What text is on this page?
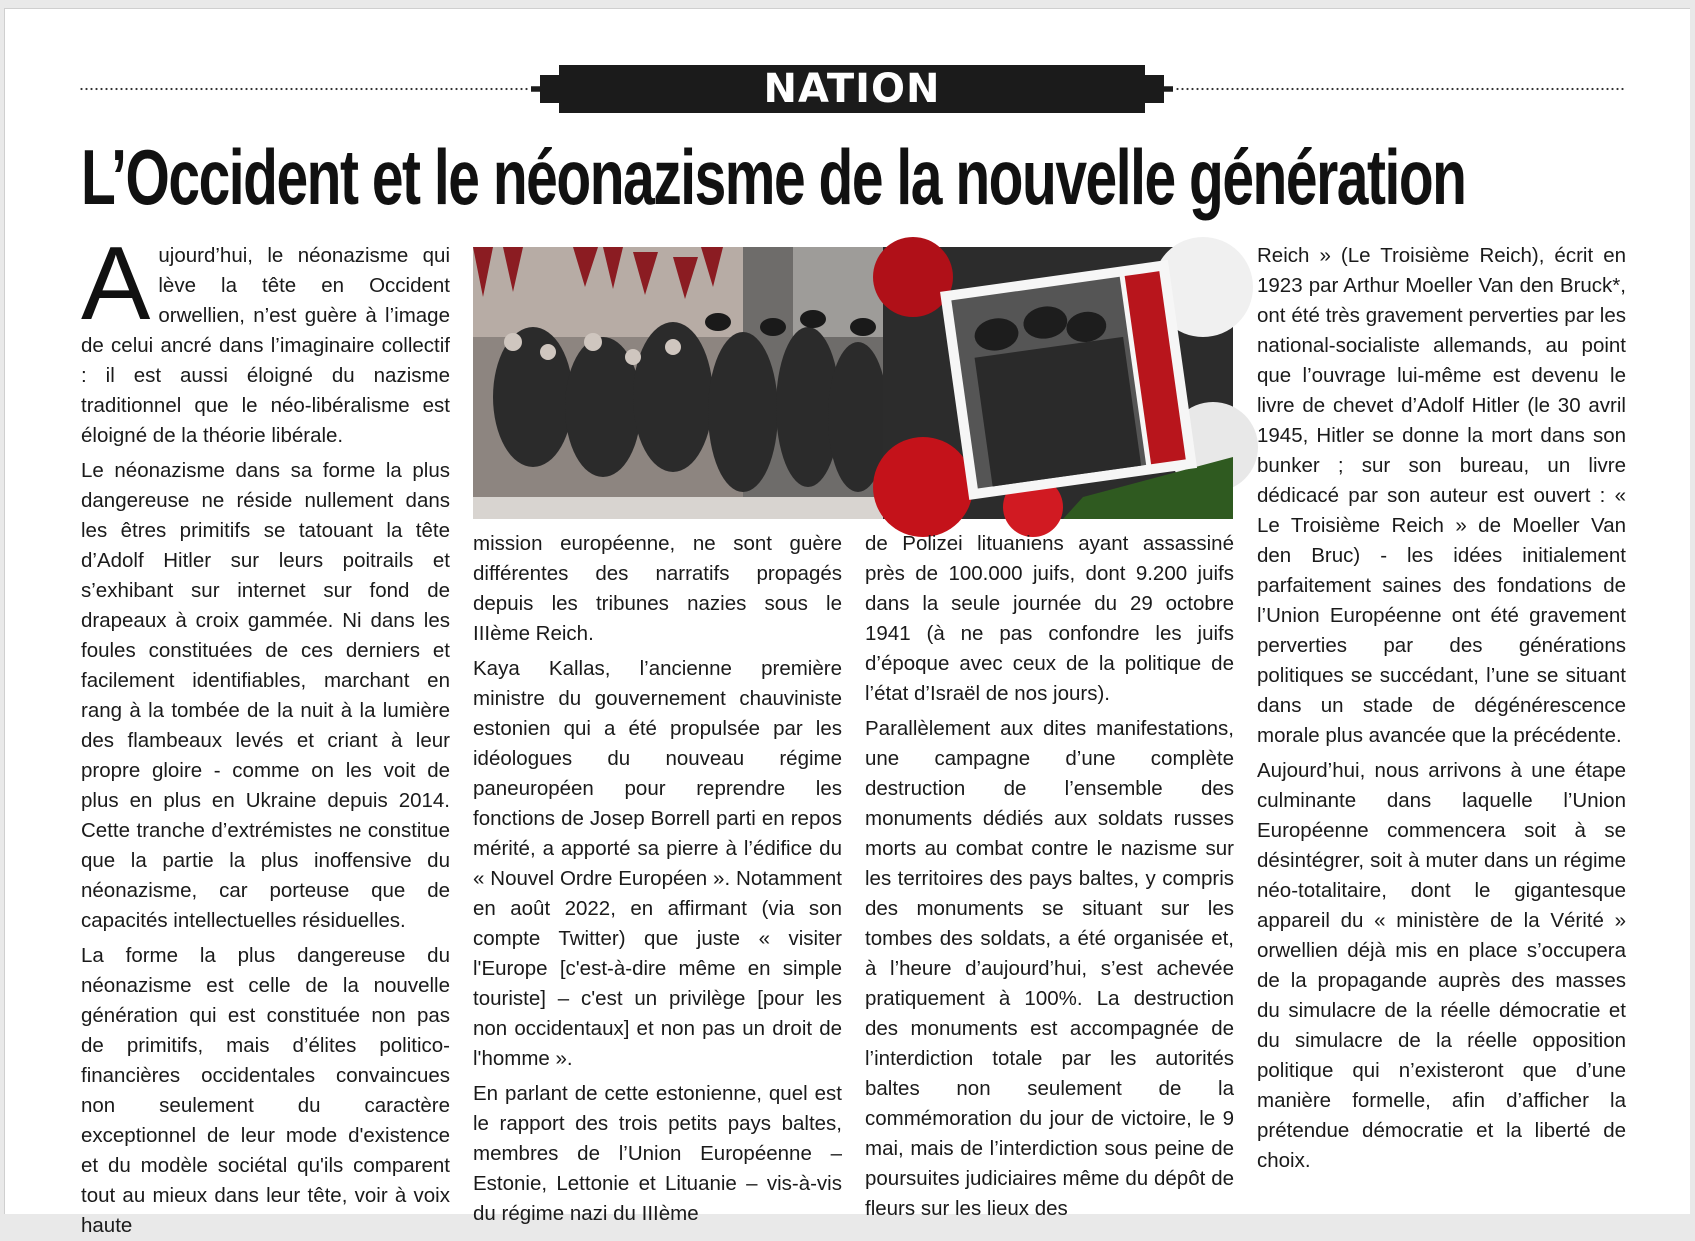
NATION
L’Occident et le néonazisme de la nouvelle génération

Aujourd’hui, le néonazisme qui lève la tête en Occident orwellien, n’est guère à l’image de celui ancré dans l’imaginaire collectif : il est aussi éloigné du nazisme traditionnel que le néo-libéralisme est éloigné de la théorie libérale.

Le néonazisme dans sa forme la plus dangereuse ne réside nullement dans les êtres primitifs se tatouant la tête d’Adolf Hitler sur leurs poitrails et s’exhibant sur internet sur fond de drapeaux à croix gammée. Ni dans les foules constituées de ces derniers et facilement identifiables, marchant en rang à la tombée de la nuit à la lumière des flambeaux levés et criant à leur propre gloire - comme on les voit de plus en plus en Ukraine depuis 2014. Cette tranche d’extrémistes ne constitue que la partie la plus inoffensive du néonazisme, car porteuse que de capacités intellectuelles résiduelles.

La forme la plus dangereuse du néonazisme est celle de la nouvelle génération qui est constituée non pas de primitifs, mais d’élites politico-financières occidentales convaincues non seulement du caractère exceptionnel de leur mode d'existence et du modèle sociétal qu'ils comparent tout au mieux dans leur tête, voir à voix haute

mission européenne, ne sont guère différentes des narratifs propagés depuis les tribunes nazies sous le IIIème Reich.

Kaya Kallas, l’ancienne première ministre du gouvernement chauviniste estonien qui a été propulsée par les idéologues du nouveau régime paneuropéen pour reprendre les fonctions de Josep Borrell parti en repos mérité, a apporté sa pierre à l’édifice du « Nouvel Ordre Européen ». Notamment en août 2022, en affirmant (via son compte Twitter) que juste « visiter l'Europe [c'est-à-dire même en simple touriste] – c'est un privilège [pour les non occidentaux] et non pas un droit de l'homme ».

En parlant de cette estonienne, quel est le rapport des trois petits pays baltes, membres de l’Union Européenne – Estonie, Lettonie et Lituanie – vis-à-vis du régime nazi du IIIème

de Polizei lituaniens ayant assassiné près de 100.000 juifs, dont 9.200 juifs dans la seule journée du 29 octobre 1941 (à ne pas confondre les juifs d’époque avec ceux de la politique de l’état d’Israël de nos jours).

Parallèlement aux dites manifestations, une campagne d’une complète destruction de l’ensemble des monuments dédiés aux soldats russes morts au combat contre le nazisme sur les territoires des pays baltes, y compris des monuments se situant sur les tombes des soldats, a été organisée et, à l’heure d’aujourd’hui, s’est achevée pratiquement à 100%. La destruction des monuments est accompagnée de l’interdiction totale par les autorités baltes non seulement de la commémoration du jour de victoire, le 9 mai, mais de l’interdiction sous peine de poursuites judiciaires même du dépôt de fleurs sur les lieux des

Reich » (Le Troisième Reich), écrit en 1923 par Arthur Moeller Van den Bruck*, ont été très gravement perverties par les national-socialiste allemands, au point que l’ouvrage lui-même est devenu le livre de chevet d’Adolf Hitler (le 30 avril 1945, Hitler se donne la mort dans son bunker ; sur son bureau, un livre dédicacé par son auteur est ouvert : « Le Troisième Reich » de Moeller Van den Bruc) - les idées initialement parfaitement saines des fondations de l’Union Européenne ont été gravement perverties par des générations politiques se succédant, l’une se situant dans un stade de dégénérescence morale plus avancée que la précédente.

Aujourd’hui, nous arrivons à une étape culminante dans laquelle l’Union Européenne commencera soit à se désintégrer, soit à muter dans un régime néo-totalitaire, dont le gigantesque appareil du « ministère de la Vérité » orwellien déjà mis en place s’occupera de la propagande auprès des masses du simulacre de la réelle démocratie et du simulacre de la réelle opposition politique qui n’existeront que d’une manière formelle, afin d’afficher la prétendue démocratie et la liberté de choix.
